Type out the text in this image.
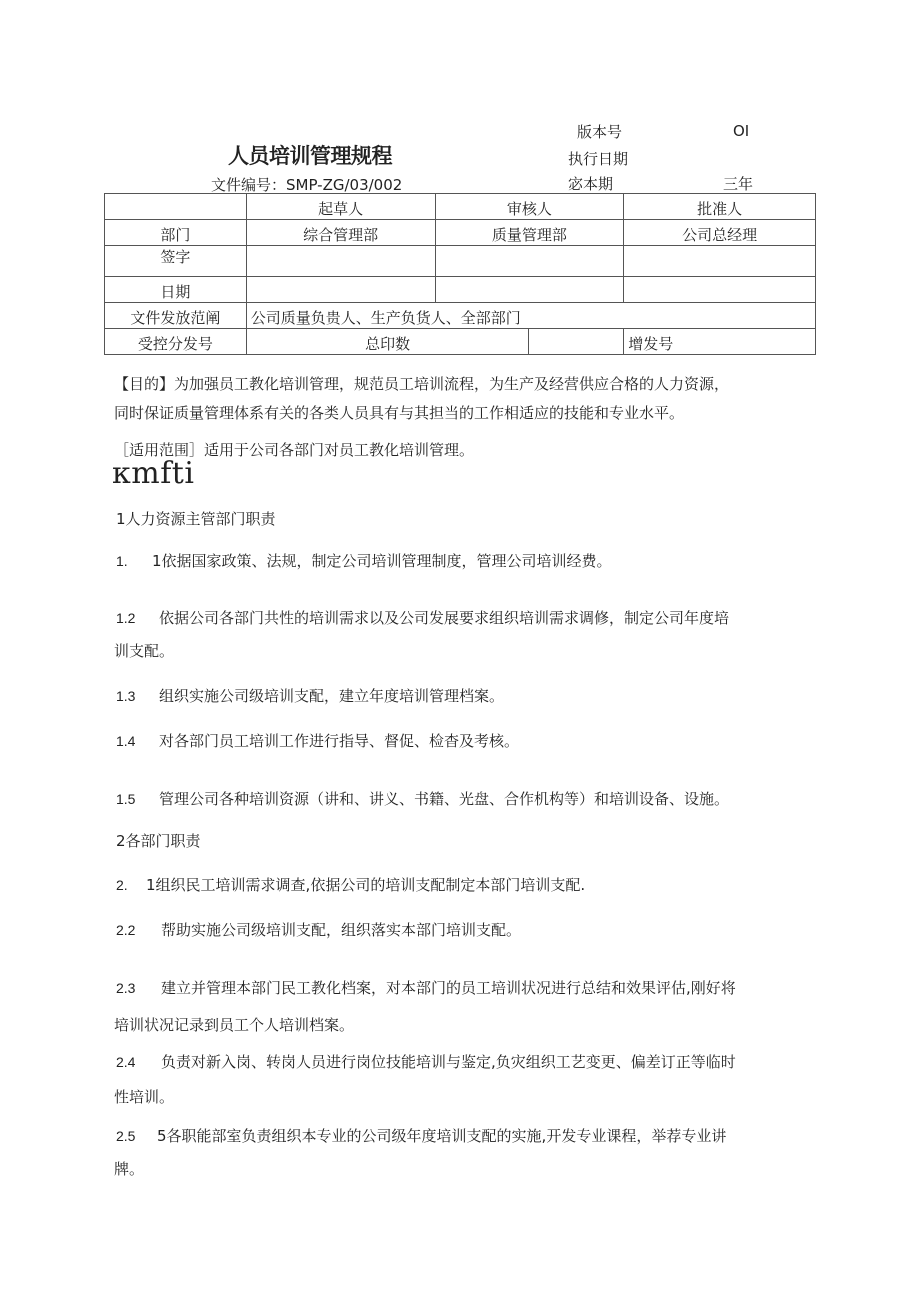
人员培训管理规程
文件编号：SMP-ZG/03/002
版本号	OI
执行日期
宓本期	三年
	起草人	审核人		批准人
部门	综合管理部	质量管理部		公司总经理
签字				
日期				
文件发放范阐	公司质量负贵人、生产负货人、全部部门			
受控分发号	总印数			增发号
【目的】为加强员工教化培训管理，规范员工培训流程，为生产及经营供应合格的人力资源，
同时保证质量管理体系有关的各类人员具有与其担当的工作相适应的技能和专业水平。
［适用范围］适用于公司各部门对员工教化培训管理。
κmfti
1人力资源主管部门职责
1. 1依据国家政策、法规，制定公司培训管理制度，管理公司培训经费。
1.2 依据公司各部门共性的培训需求以及公司发展要求组织培训需求调修，制定公司年度培
训支配。
1.3 组织实施公司级培训支配，建立年度培训管理档案。
1.4 对各部门员工培训工作进行指导、督促、检杳及考核。
1.5 管理公司各种培训资源（讲和、讲义、书籍、光盘、合作机构等）和培训设备、设施。
2各部门职责
2. 1组织民工培训需求调查,依据公司的培训支配制定本部门培训支配.
2.2 帮助实施公司级培训支配，组织落实本部门培训支配。
2.3 建立并管理本部门民工教化档案，对本部门的员工培训状况进行总结和效果评估,刚好将
培训状况记录到员工个人培训档案。
2.4 负责对新入岗、转岗人员进行岗位技能培训与鉴定,负灾组织工艺变更、偏差订正等临时
性培训。
2.5 5各职能部室负责组织本专业的公司级年度培训支配的实施,开发专业课程，举荐专业讲
牌。
